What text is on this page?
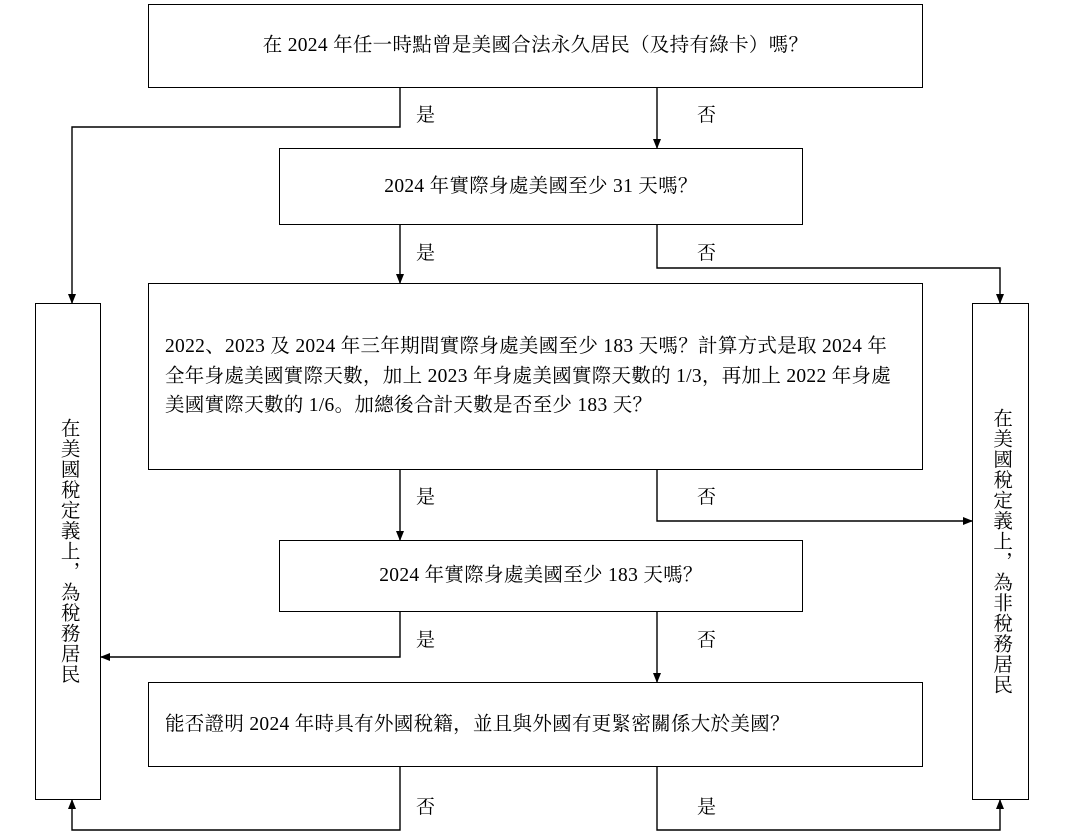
在 2024 年任一時點曾是美國合法永久居民（及持有綠卡）嗎？
2024 年實際身處美國至少 31 天嗎？
2022、2023 及 2024 年三年期間實際身處美國至少 183 天嗎？計算方式是取 2024 年全年身處美國實際天數，加上 2023 年身處美國實際天數的 1/3，再加上 2022 年身處美國實際天數的 1/6。加總後合計天數是否至少 183 天？
2024 年實際身處美國至少 183 天嗎？
能否證明 2024 年時具有外國稅籍，並且與外國有更緊密關係大於美國？
在美國稅定義上，為稅務居民	在美國稅定義上，為非稅務居民
是	否
是	否
是	否
是	否
否	是
